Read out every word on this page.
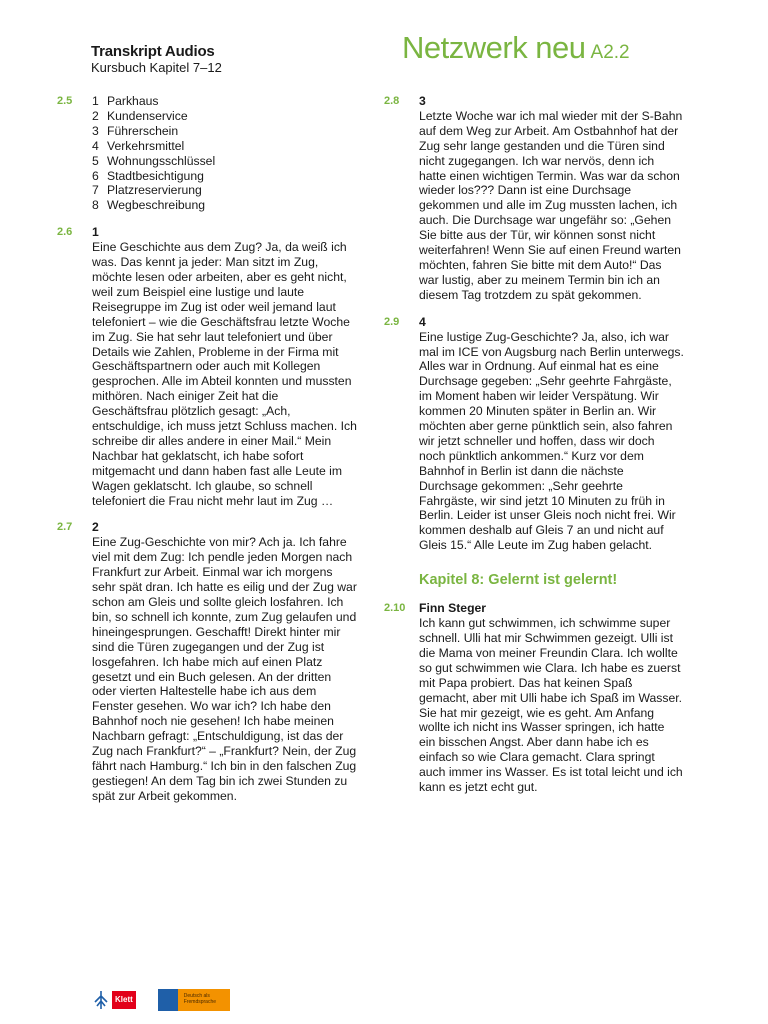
Transkript Audios
Kursbuch Kapitel 7–12
Netzwerk neu A2.2
2.5 1 Parkhaus
2 Kundenservice
3 Führerschein
4 Verkehrsmittel
5 Wohnungsschlüssel
6 Stadtbesichtigung
7 Platzreservierung
8 Wegbeschreibung
2.6 1

Eine Geschichte aus dem Zug? Ja, da weiß ich was. Das kennt ja jeder: Man sitzt im Zug, möchte lesen oder arbeiten, aber es geht nicht, weil zum Beispiel eine lustige und laute Reisegruppe im Zug ist oder weil jemand laut telefoniert – wie die Geschäftsfrau letzte Woche im Zug. Sie hat sehr laut telefoniert und über Details wie Zahlen, Probleme in der Firma mit Geschäftspartnern oder auch mit Kollegen gesprochen. Alle im Abteil konnten und mussten mithören. Nach einiger Zeit hat die Geschäftsfrau plötzlich gesagt: „Ach, entschuldige, ich muss jetzt Schluss machen. Ich schreibe dir alles andere in einer Mail.“ Mein Nachbar hat geklatscht, ich habe sofort mitgemacht und dann haben fast alle Leute im Wagen geklatscht. Ich glaube, so schnell telefoniert die Frau nicht mehr laut im Zug …

2.7 2

Eine Zug-Geschichte von mir? Ach ja. Ich fahre viel mit dem Zug: Ich pendle jeden Morgen nach Frankfurt zur Arbeit. Einmal war ich morgens sehr spät dran. Ich hatte es eilig und der Zug war schon am Gleis und sollte gleich losfahren. Ich bin, so schnell ich konnte, zum Zug gelaufen und hineingesprungen. Geschafft! Direkt hinter mir sind die Türen zugegangen und der Zug ist losgefahren. Ich habe mich auf einen Platz gesetzt und ein Buch gelesen. An der dritten oder vierten Haltestelle habe ich aus dem Fenster gesehen. Wo war ich? Ich habe den Bahnhof noch nie gesehen! Ich habe meinen Nachbarn gefragt: „Entschuldigung, ist das der Zug nach Frankfurt?“ – „Frankfurt? Nein, der Zug fährt nach Hamburg.“ Ich bin in den falschen Zug gestiegen! An dem Tag bin ich zwei Stunden zu spät zur Arbeit gekommen.

2.8 3

Letzte Woche war ich mal wieder mit der S-Bahn auf dem Weg zur Arbeit. Am Ostbahnhof hat der Zug sehr lange gestanden und die Türen sind nicht zugegangen. Ich war nervös, denn ich hatte einen wichtigen Termin. Was war da schon wieder los??? Dann ist eine Durchsage gekommen und alle im Zug mussten lachen, ich auch. Die Durchsage war ungefähr so: „Gehen Sie bitte aus der Tür, wir können sonst nicht weiterfahren! Wenn Sie auf einen Freund warten möchten, fahren Sie bitte mit dem Auto!“ Das war lustig, aber zu meinem Termin bin ich an diesem Tag trotzdem zu spät gekommen.

2.9 4

Eine lustige Zug-Geschichte? Ja, also, ich war mal im ICE von Augsburg nach Berlin unterwegs. Alles war in Ordnung. Auf einmal hat es eine Durchsage gegeben: „Sehr geehrte Fahrgäste, im Moment haben wir leider Verspätung. Wir kommen 20 Minuten später in Berlin an. Wir möchten aber gerne pünktlich sein, also fahren wir jetzt schneller und hoffen, dass wir doch noch pünktlich ankommen.“ Kurz vor dem Bahnhof in Berlin ist dann die nächste Durchsage gekommen: „Sehr geehrte Fahrgäste, wir sind jetzt 10 Minuten zu früh in Berlin. Leider ist unser Gleis noch nicht frei. Wir kommen deshalb auf Gleis 7 an und nicht auf Gleis 15.“ Alle Leute im Zug haben gelacht.

Kapitel 8: Gelernt ist gelernt!
2.10 Finn Steger

Ich kann gut schwimmen, ich schwimme super schnell. Ulli hat mir Schwimmen gezeigt. Ulli ist die Mama von meiner Freundin Clara. Ich wollte so gut schwimmen wie Clara. Ich habe es zuerst mit Papa probiert. Das hat keinen Spaß gemacht, aber mit Ulli habe ich Spaß im Wasser. Sie hat mir gezeigt, wie es geht. Am Anfang wollte ich nicht ins Wasser springen, ich hatte ein bisschen Angst. Aber dann habe ich es einfach so wie Clara gemacht. Clara springt auch immer ins Wasser. Es ist total leicht und ich kann es jetzt echt gut.

Klett	Deutsch als Fremdsprache
